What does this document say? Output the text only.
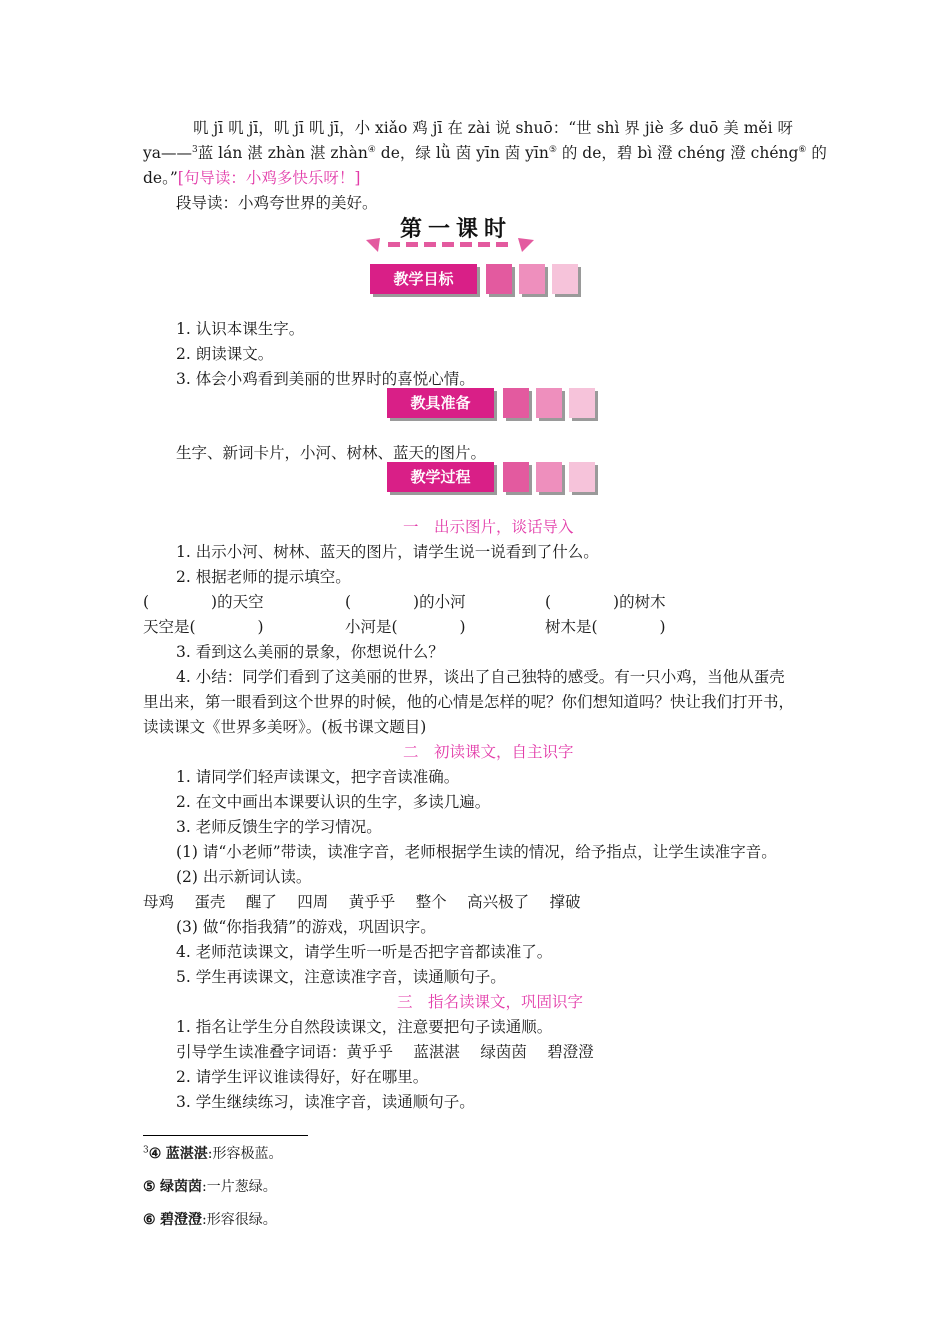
叽 jī 叽 jī，叽 jī 叽 jī，小 xiǎo 鸡 jī 在 zài 说 shuō：“世 shì 界 jiè 多 duō 美 měi 呀
ya——$^3$蓝 lán 湛 zhàn 湛 zhàn④ de，绿 lǜ 茵 yīn 茵 yīn⑤ 的 de，碧 bì 澄 chéng 澄 chéng⑥ 的
de。”[句导读：小鸡多快乐呀！]
段导读：小鸡夸世界的美好。
第一课时
教学目标
1. 认识本课生字。
2. 朗读课文。
3. 体会小鸡看到美丽的世界时的喜悦心情。
教具准备
生字、新词卡片，小河、树林、蓝天的图片。
教学过程
一　出示图片，谈话导入
1. 出示小河、树林、蓝天的图片，请学生说一说看到了什么。
2. 根据老师的提示填空。
(　　　　)的天空	(　　　　)的小河	(　　　　)的树木
天空是(　　　　)	小河是(　　　　)	树木是(　　　　)
3. 看到这么美丽的景象，你想说什么？
4. 小结：同学们看到了这美丽的世界，谈出了自己独特的感受。有一只小鸡，当他从蛋壳
里出来，第一眼看到这个世界的时候，他的心情是怎样的呢？你们想知道吗？快让我们打开书，
读读课文《世界多美呀》。(板书课文题目)
二　初读课文，自主识字
1. 请同学们轻声读课文，把字音读准确。
2. 在文中画出本课要认识的生字，多读几遍。
3. 老师反馈生字的学习情况。
(1) 请“小老师”带读，读准字音，老师根据学生读的情况，给予指点，让学生读准字音。
(2) 出示新词认读。
母鸡　 蛋壳　 醒了　 四周　 黄乎乎　 整个　 高兴极了　 撑破
(3) 做“你指我猜”的游戏，巩固识字。
4. 老师范读课文，请学生听一听是否把字音都读准了。
5. 学生再读课文，注意读准字音，读通顺句子。
三　指名读课文，巩固识字
1. 指名让学生分自然段读课文，注意要把句子读通顺。
引导学生读准叠字词语：黄乎乎　 蓝湛湛　 绿茵茵　 碧澄澄
2. 请学生评议谁读得好，好在哪里。
3. 学生继续练习，读准字音，读通顺句子。
$^3$④ 蓝湛湛:形容极蓝。
⑤ 绿茵茵:一片葱绿。
⑥ 碧澄澄:形容很绿。
